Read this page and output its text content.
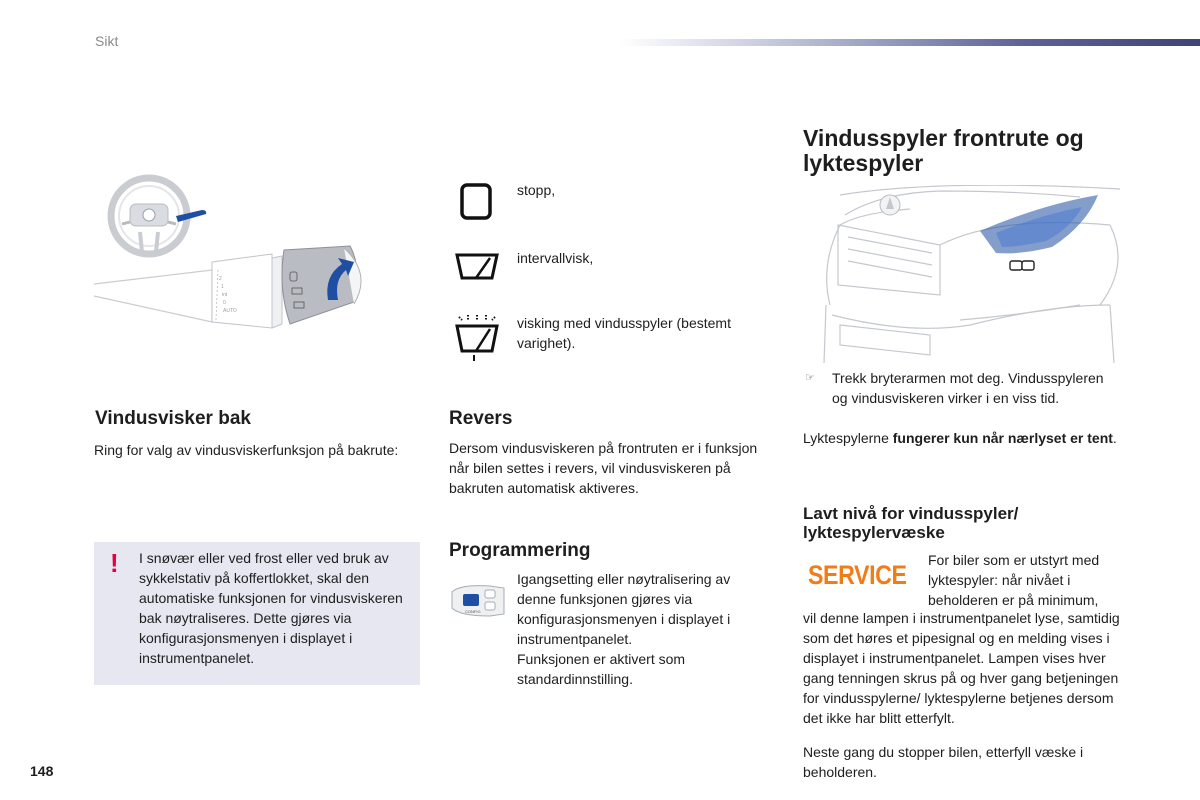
Sikt
2
1
int
0
AUTO
stopp,
intervallvisk,
visking med vindusspyler (bestemt varighet).
Vindusvisker bak
Ring for valg av vindusviskerfunksjon på bakrute:
! I snøvær eller ved frost eller ved bruk av sykkelstativ på koffertlokket, skal den automatiske funksjonen for vindusviskeren bak nøytraliseres. Dette gjøres via konfigurasjonsmenyen i displayet i instrumentpanelet.
Revers
Dersom vindusviskeren på frontruten er i funksjon når bilen settes i revers, vil vindusviskeren på bakruten automatisk aktiveres.
Programmering
CONFIG
Igangsetting eller nøytralisering av denne funksjonen gjøres via konfigurasjonsmenyen i displayet i instrumentpanelet.
Funksjonen er aktivert som standardinnstilling.
Vindusspyler frontrute og lyktespyler
☞ Trekk bryterarmen mot deg. Vindusspyleren og vindusviskeren virker i en viss tid.
Lyktespylerne fungerer kun når nærlyset er tent.
Lavt nivå for vindusspyler/ lyktespylervæske
SERVICE For biler som er utstyrt med lyktespyler: når nivået i beholderen er på minimum,
vil denne lampen i instrumentpanelet lyse, samtidig som det høres et pipesignal og en melding vises i displayet i instrumentpanelet. Lampen vises hver gang tenningen skrus på og hver gang betjeningen for vindusspylerne/ lyktespylerne betjenes dersom det ikke har blitt etterfylt.
Neste gang du stopper bilen, etterfyll væske i beholderen.
148
